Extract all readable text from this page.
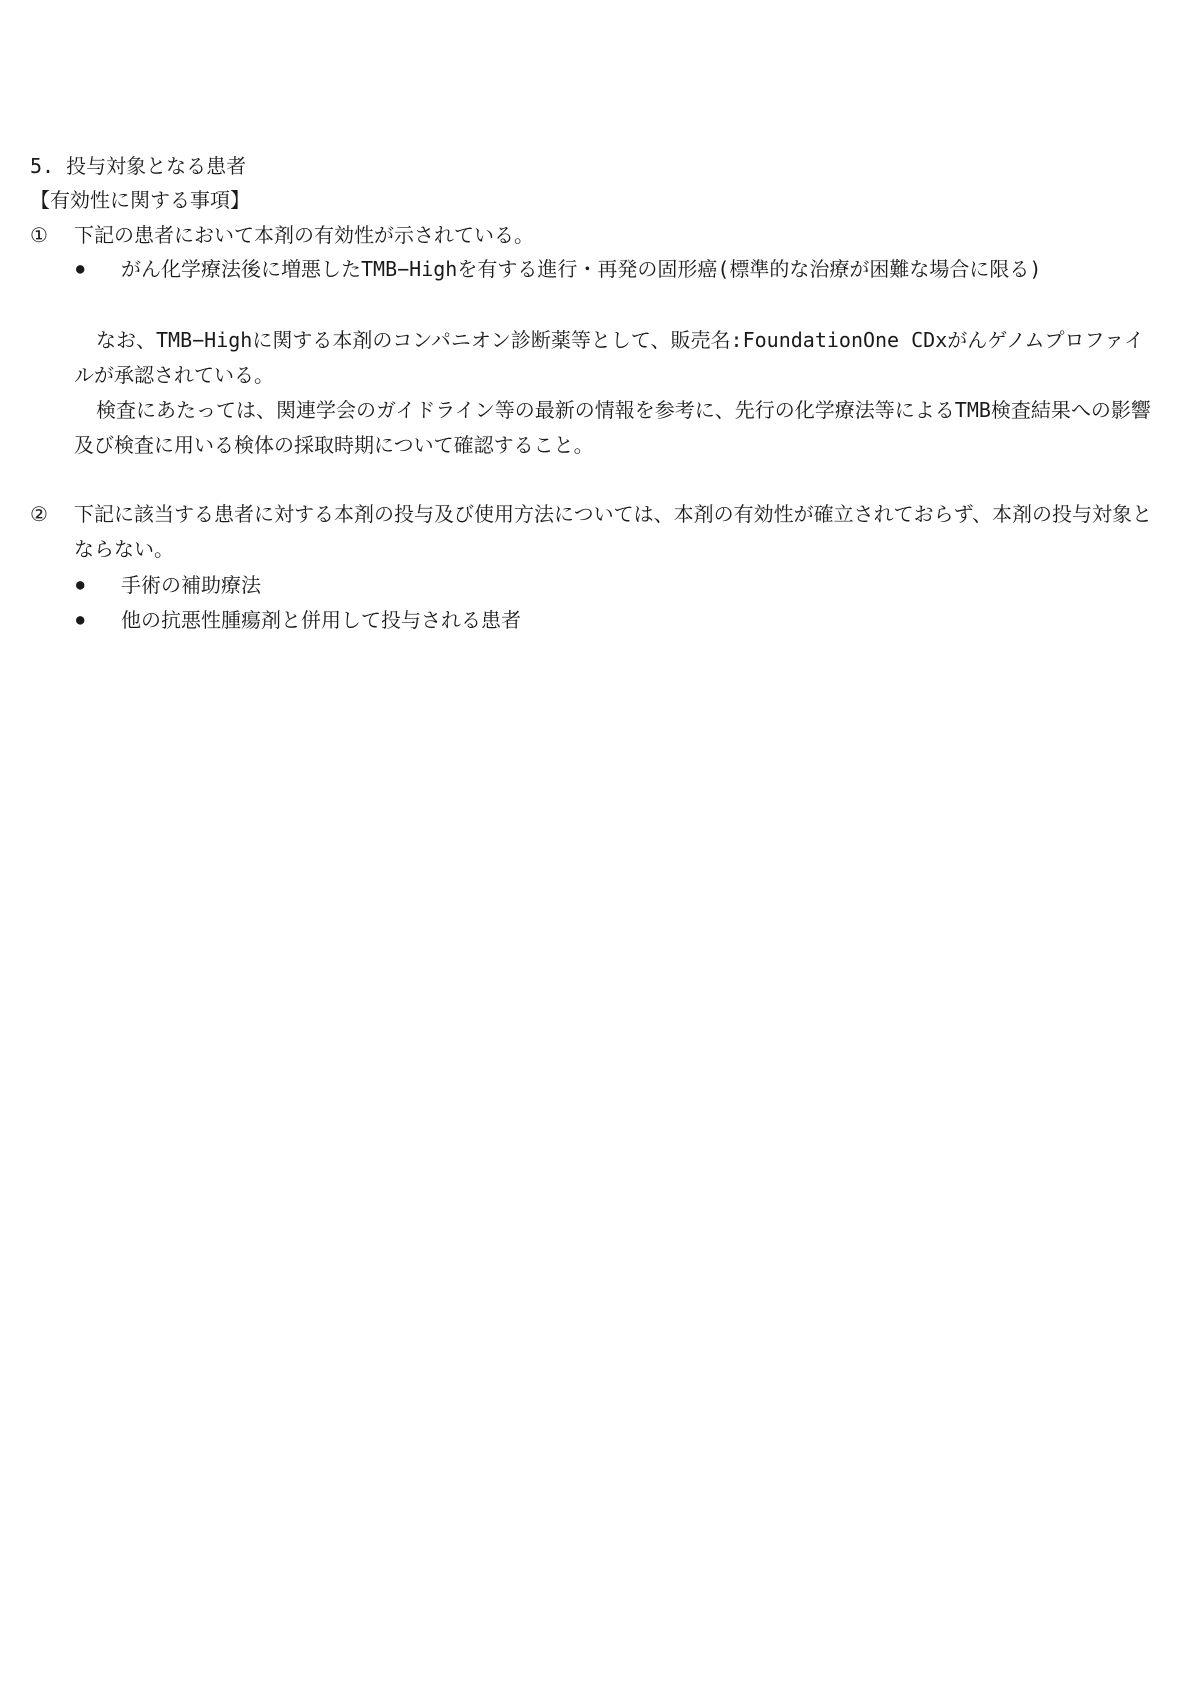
5. 投与対象となる患者
【有効性に関する事項】
① 下記の患者において本剤の有効性が示されている。
● がん化学療法後に増悪したTMB−Highを有する進行・再発の固形癌(標準的な治療が困難な場合に限る)
なお、TMB−Highに関する本剤のコンパニオン診断薬等として、販売名:FoundationOne CDxがんゲノムプロファイルが承認されている。
検査にあたっては、関連学会のガイドライン等の最新の情報を参考に、先行の化学療法等によるTMB検査結果への影響及び検査に用いる検体の採取時期について確認すること。
② 下記に該当する患者に対する本剤の投与及び使用方法については、本剤の有効性が確立されておらず、本剤の投与対象とならない。
● 手術の補助療法
● 他の抗悪性腫瘍剤と併用して投与される患者
